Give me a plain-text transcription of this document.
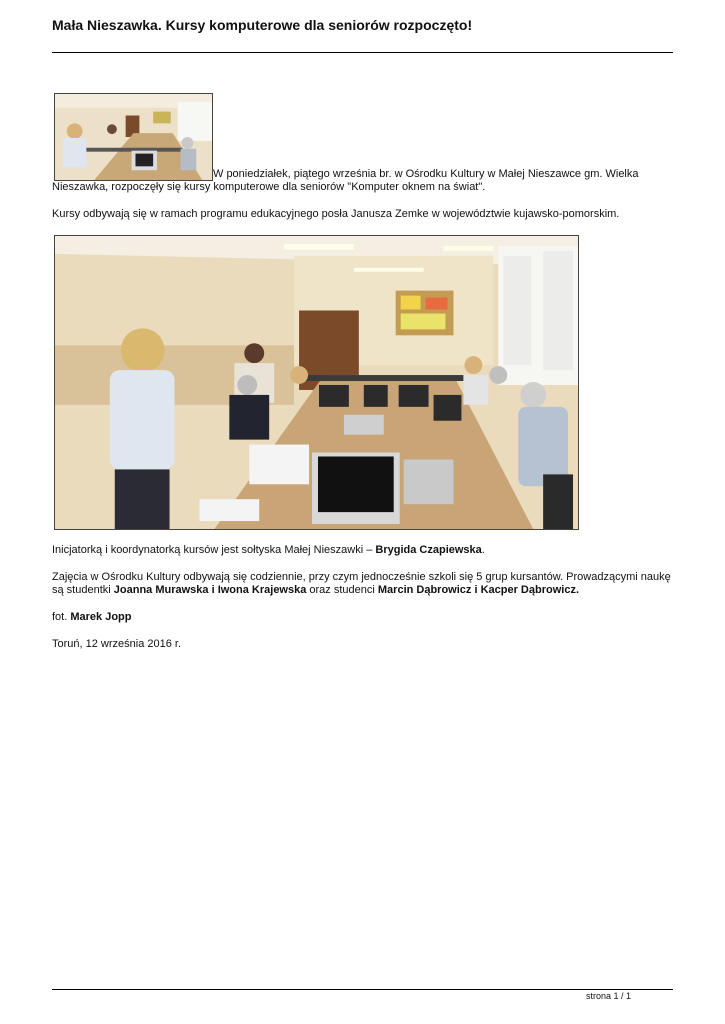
Mała Nieszawka. Kursy komputerowe dla seniorów rozpoczęto!

W poniedziałek, piątego września br. w Ośrodku Kultury w Małej Nieszawce gm. Wielka Nieszawka, rozpoczęły się kursy komputerowe dla seniorów "Komputer oknem na świat".

Kursy odbywają się w ramach programu edukacyjnego posła Janusza Zemke w województwie kujawsko-pomorskim.

Inicjatorką i koordynatorką kursów jest sołtyska Małej Nieszawki – Brygida Czapiewska.

Zajęcia w Ośrodku Kultury odbywają się codziennie, przy czym jednocześnie szkoli się 5 grup kursantów. Prowadzącymi naukę są studentki Joanna Murawska i Iwona Krajewska oraz studenci Marcin Dąbrowicz i Kacper Dąbrowicz.

fot. Marek Jopp

Toruń, 12 września 2016 r.

strona 1 / 1
